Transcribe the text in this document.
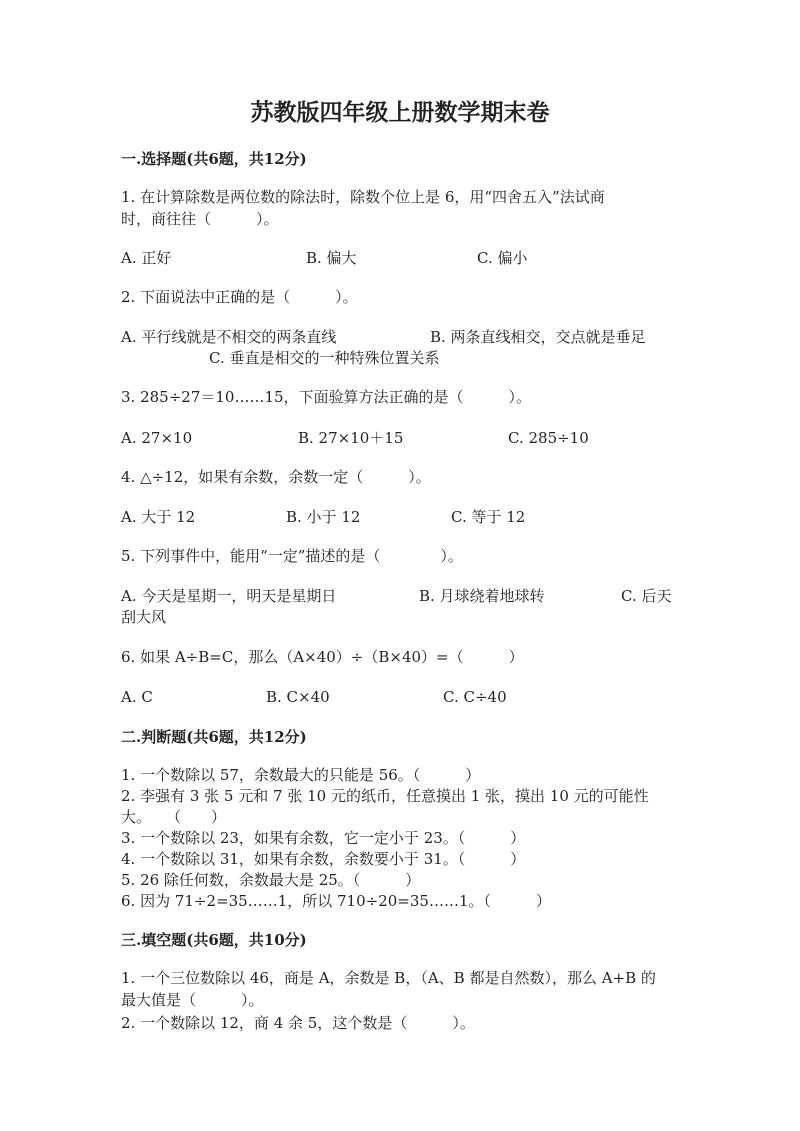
苏教版四年级上册数学期末卷
一.选择题(共6题，共12分)
1. 在计算除数是两位数的除法时，除数个位上是 6，用“四舍五入”法试商
时，商往往（　　　）。
A. 正好	B. 偏大	C. 偏小
2. 下面说法中正确的是（　　　）。
A. 平行线就是不相交的两条直线	B. 两条直线相交，交点就是垂足
C. 垂直是相交的一种特殊位置关系
3. 285÷27＝10……15，下面验算方法正确的是（　　　）。
A. 27×10	B. 27×10＋15	C. 285÷10
4. △÷12，如果有余数，余数一定（　　　）。
A. 大于 12	B. 小于 12	C. 等于 12
5. 下列事件中，能用“一定”描述的是（　　　　）。
A. 今天是星期一，明天是星期日	B. 月球绕着地球转	C. 后天
刮大风
6. 如果 A÷B=C，那么（A×40）÷（B×40）=（　　　）
A. C	B. C×40	C. C÷40
二.判断题(共6题，共12分)
1. 一个数除以 57，余数最大的只能是 56。（　　　）
2. 李强有 3 张 5 元和 7 张 10 元的纸币，任意摸出 1 张，摸出 10 元的可能性
大。　　（　　）
3. 一个数除以 23，如果有余数，它一定小于 23。（　　　）
4. 一个数除以 31，如果有余数，余数要小于 31。（　　　）
5. 26 除任何数，余数最大是 25。（　　　）
6. 因为 71÷2=35……1，所以 710÷20=35……1。（　　　）
三.填空题(共6题，共10分)
1. 一个三位数除以 46，商是 A，余数是 B，（A、B 都是自然数），那么 A+B 的
最大值是（　　　）。
2. 一个数除以 12，商 4 余 5，这个数是（　　　）。
